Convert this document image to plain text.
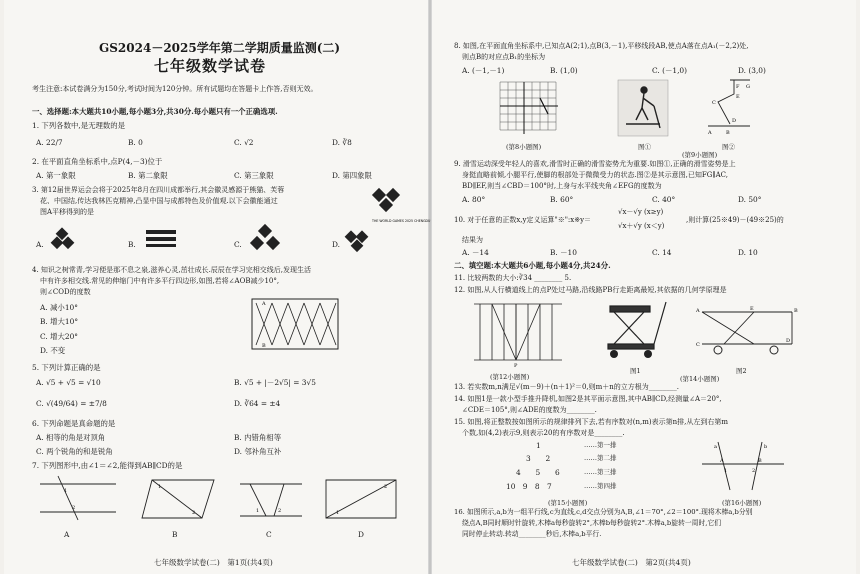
GS2024－2025学年第二学期质量监测(二)
七年级数学试卷
考生注意:本试卷满分为150分,考试时间为120分钟。所有试题均在答题卡上作答,否则无效。
一、选择题:本大题共10小题,每小题3分,共30分.每小题只有一个正确选项.
1. 下列各数中,是无理数的是
A. 22/7	B. 0	C. √2	D. ∛8
2. 在平面直角坐标系中,点P(4,－3)位于
A. 第一象限	B. 第二象限	C. 第三象限	D. 第四象限
3. 第12届世界运会会将于2025年8月在四川成都举行,其会徽灵感源于熊猫、芙蓉
花、中国结,传达我林匹克精神,凸显中国与成都特色及价值观.以下会徽能通过
图A平移得到的是
THE WORLD GAMES 2025 CHENGDU
A.	B.	C.	D.
4. 知识之树常青,学习便是那不息之泉,滋养心灵,茁壮成长.辰辰在学习完相交线后,发现生活
中有许多相交线.常见的伸缩门中有许多平行四边形,如图,若将∠AOB减少10°,
则∠COD的度数
A. 减小10°
B. 增大10°
C. 增大20°
D. 不变
A
B
5. 下列计算正确的是
A. √5 + √5 = √10	B. √5 + |－2√5| = 3√5
C. √(49/64) = ±7/8	D. ∛64 = ±4
6. 下列命题是真命题的是
A. 相等的角是对顶角	B. 内错角相等
C. 两个锐角的和是锐角	D. 邻补角互补
7. 下列图形中,由∠1＝∠2,能得到AB∥CD的是
1
2
A
1
2
B
1	2
C
1
2
D
七年级数学试卷(二)　第1页(共4页)
8. 如图,在平面直角坐标系中,已知点A(2;1),点B(3,－1),平移线段AB,使点A落在点A₁(－2,2)处,
则点B的对应点B₁的坐标为
A. (－1,－1)	B. (1,0)	C. (－1,0)	D. (3,0)
(第8小题图)	图①
F G
E
C
D
A	B
图②
(第9小题图)
9. 滑雪运动深受年轻人的喜欢,滑雪时正确的滑雪姿势尤为重要.如图①,正确的滑雪姿势是上
身挺直略前倾,小腿平行,使脚的根部处于微微受力的状态.图②是其示意图,已知FG∥AC,
BD∥EF,则当∠CBD＝100°时,上身与水平线夹角∠EFG的度数为
A. 80°	B. 60°	C. 40°	D. 50°
10. 对于任意的正数x,y定义运算"※":x※y＝
√x－√y (x≥y)
√x＋√y (x＜y)
,则计算(25※49)－(49※25)的
结果为
A. －14	B. －10	C. 14	D. 10
二、填空题:本大题共6小题,每小题4分,共24分.
11. 比较两数的大小:∛34 ________ 5.
12. 如图,从人行横道线上的点P处过马路,沿线路PB行走距离最短,其依据的几何学原理是
P
(第12小题图)
图1
A	B
C
D
E
图2
(第14小题图)
13. 若实数m,n满足√(m－9)＋(n＋1)²＝0,则m＋n的立方根为________.
14. 如图1是一款小型手推升降机,如图2是其平面示意图,其中AB∥CD,经测量∠A＝20°,
∠CDE＝105°,则∠ADE的度数为________.
15. 如图,将正整数按如图所示的规律排列下去,若有序数对(n,m)表示第n排,从左到右第m
个数,如(4,2)表示9,则表示20的有序数对是________.
1
3　　2
4　　5　　6
10　9　8　7
……第一排
……第二排
……第三排
……第四排
(第15小题图)
a	b
1	2
A	B
(第16小题图)
16. 如图所示,a,b为一组平行线,c为直线,c,d交点分别为A,B,∠1＝70°,∠2＝100°.现将木棒a,b分别
绕点A,B同时顺时针旋转,木棒a每秒旋转2°,木棒b每秒旋转2°.木棒a,b旋转一周时,它们
同时停止转动.转动________秒后,木棒a,b平行.
七年级数学试卷(二)　第2页(共4页)
